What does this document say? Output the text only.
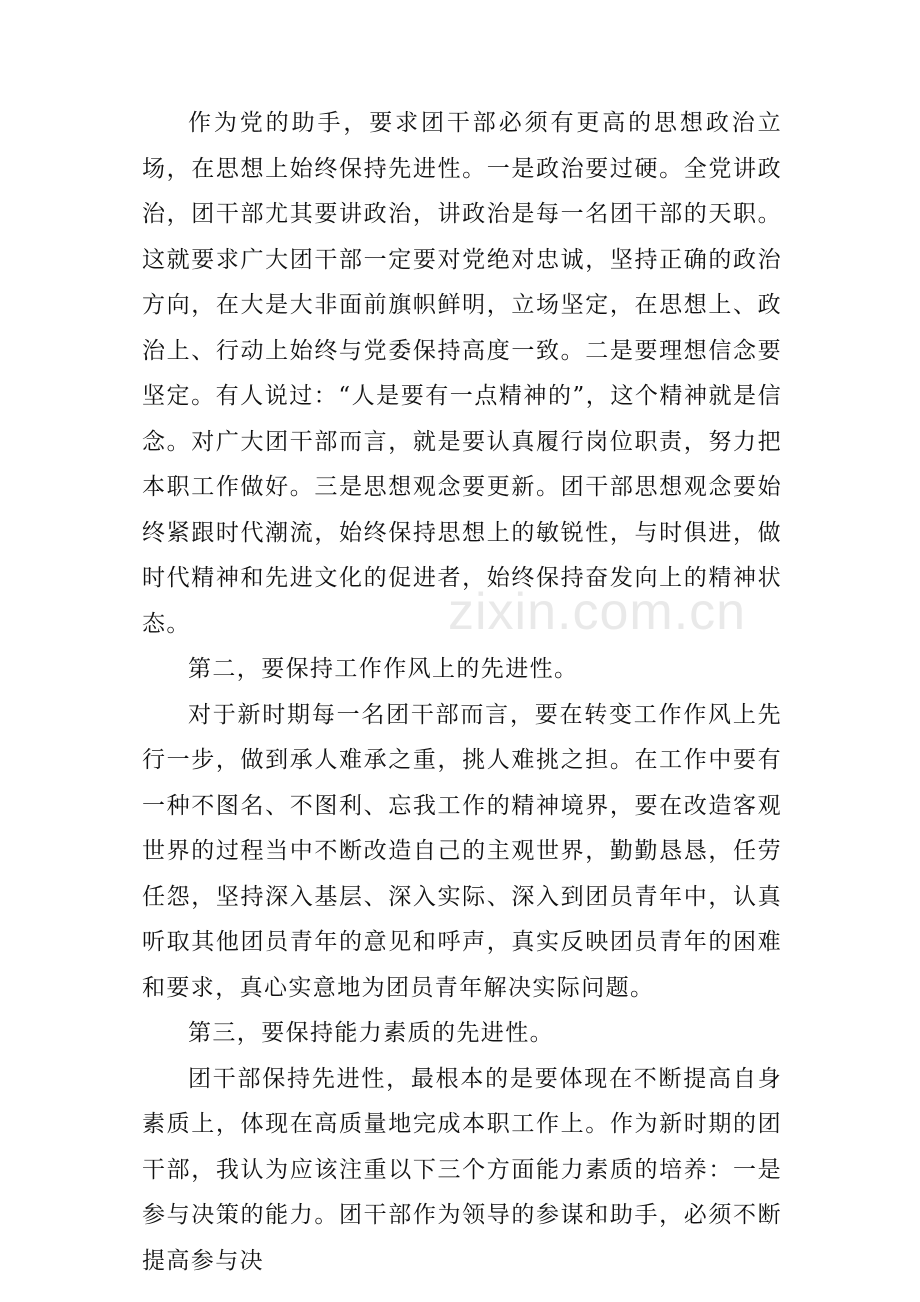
作为党的助手，要求团干部必须有更高的思想政治立场，在思想上始终保持先进性。一是政治要过硬。全党讲政治，团干部尤其要讲政治，讲政治是每一名团干部的天职。这就要求广大团干部一定要对党绝对忠诚，坚持正确的政治方向，在大是大非面前旗帜鲜明，立场坚定，在思想上、政治上、行动上始终与党委保持高度一致。二是要理想信念要坚定。有人说过：“人是要有一点精神的”，这个精神就是信念。对广大团干部而言，就是要认真履行岗位职责，努力把本职工作做好。三是思想观念要更新。团干部思想观念要始终紧跟时代潮流，始终保持思想上的敏锐性，与时俱进，做时代精神和先进文化的促进者，始终保持奋发向上的精神状态。

第二，要保持工作作风上的先进性。

对于新时期每一名团干部而言，要在转变工作作风上先行一步，做到承人难承之重，挑人难挑之担。在工作中要有一种不图名、不图利、忘我工作的精神境界，要在改造客观世界的过程当中不断改造自己的主观世界，勤勤恳恳，任劳任怨，坚持深入基层、深入实际、深入到团员青年中，认真听取其他团员青年的意见和呼声，真实反映团员青年的困难和要求，真心实意地为团员青年解决实际问题。

第三，要保持能力素质的先进性。

团干部保持先进性，最根本的是要体现在不断提高自身素质上，体现在高质量地完成本职工作上。作为新时期的团干部，我认为应该注重以下三个方面能力素质的培养：一是参与决策的能力。团干部作为领导的参谋和助手，必须不断提高参与决

zixin.com.cn
